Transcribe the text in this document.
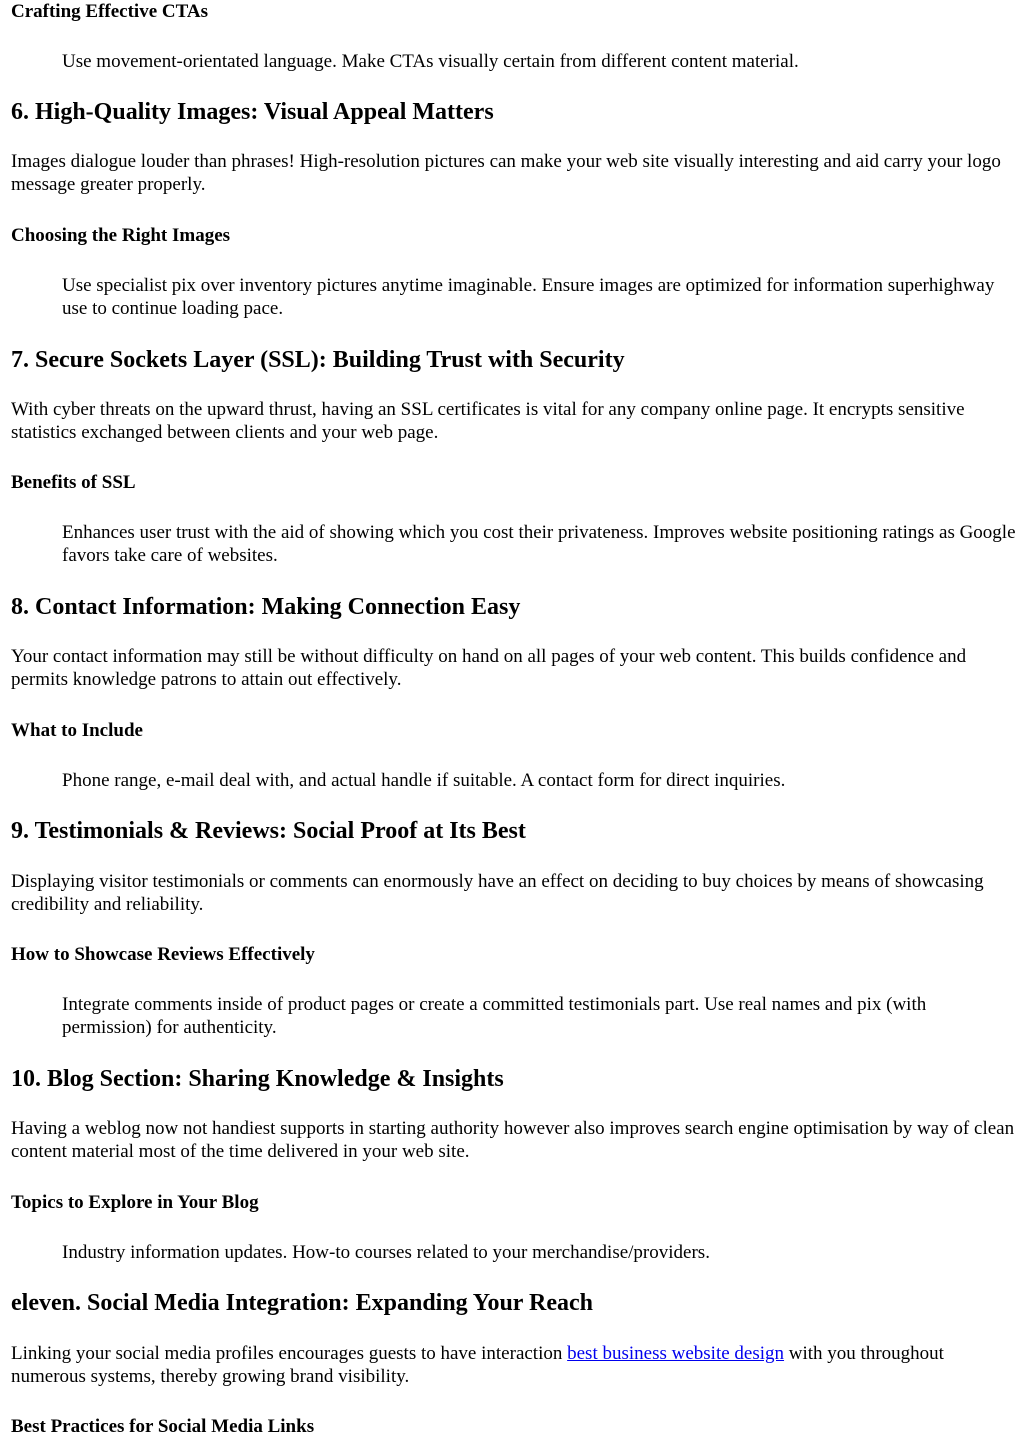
Crafting Effective CTAs
Use movement-orientated language. Make CTAs visually certain from different content material.
6. High-Quality Images: Visual Appeal Matters

Images dialogue louder than phrases! High-resolution pictures can make your web site visually interesting and aid carry your logo message greater properly.

Choosing the Right Images
Use specialist pix over inventory pictures anytime imaginable. Ensure images are optimized for information superhighway use to continue loading pace.
7. Secure Sockets Layer (SSL): Building Trust with Security

With cyber threats on the upward thrust, having an SSL certificates is vital for any company online page. It encrypts sensitive statistics exchanged between clients and your web page.

Benefits of SSL
Enhances user trust with the aid of showing which you cost their privateness. Improves website positioning ratings as Google favors take care of websites.
8. Contact Information: Making Connection Easy

Your contact information may still be without difficulty on hand on all pages of your web content. This builds confidence and permits knowledge patrons to attain out effectively.

What to Include
Phone range, e-mail deal with, and actual handle if suitable. A contact form for direct inquiries.
9. Testimonials & Reviews: Social Proof at Its Best

Displaying visitor testimonials or comments can enormously have an effect on deciding to buy choices by means of showcasing credibility and reliability.

How to Showcase Reviews Effectively
Integrate comments inside of product pages or create a committed testimonials part. Use real names and pix (with permission) for authenticity.
10. Blog Section: Sharing Knowledge & Insights

Having a weblog now not handiest supports in starting authority however also improves search engine optimisation by way of clean content material most of the time delivered in your web site.

Topics to Explore in Your Blog
Industry information updates. How-to courses related to your merchandise/providers.
eleven. Social Media Integration: Expanding Your Reach

Linking your social media profiles encourages guests to have interaction best business website design with you throughout numerous systems, thereby growing brand visibility.

Best Practices for Social Media Links
